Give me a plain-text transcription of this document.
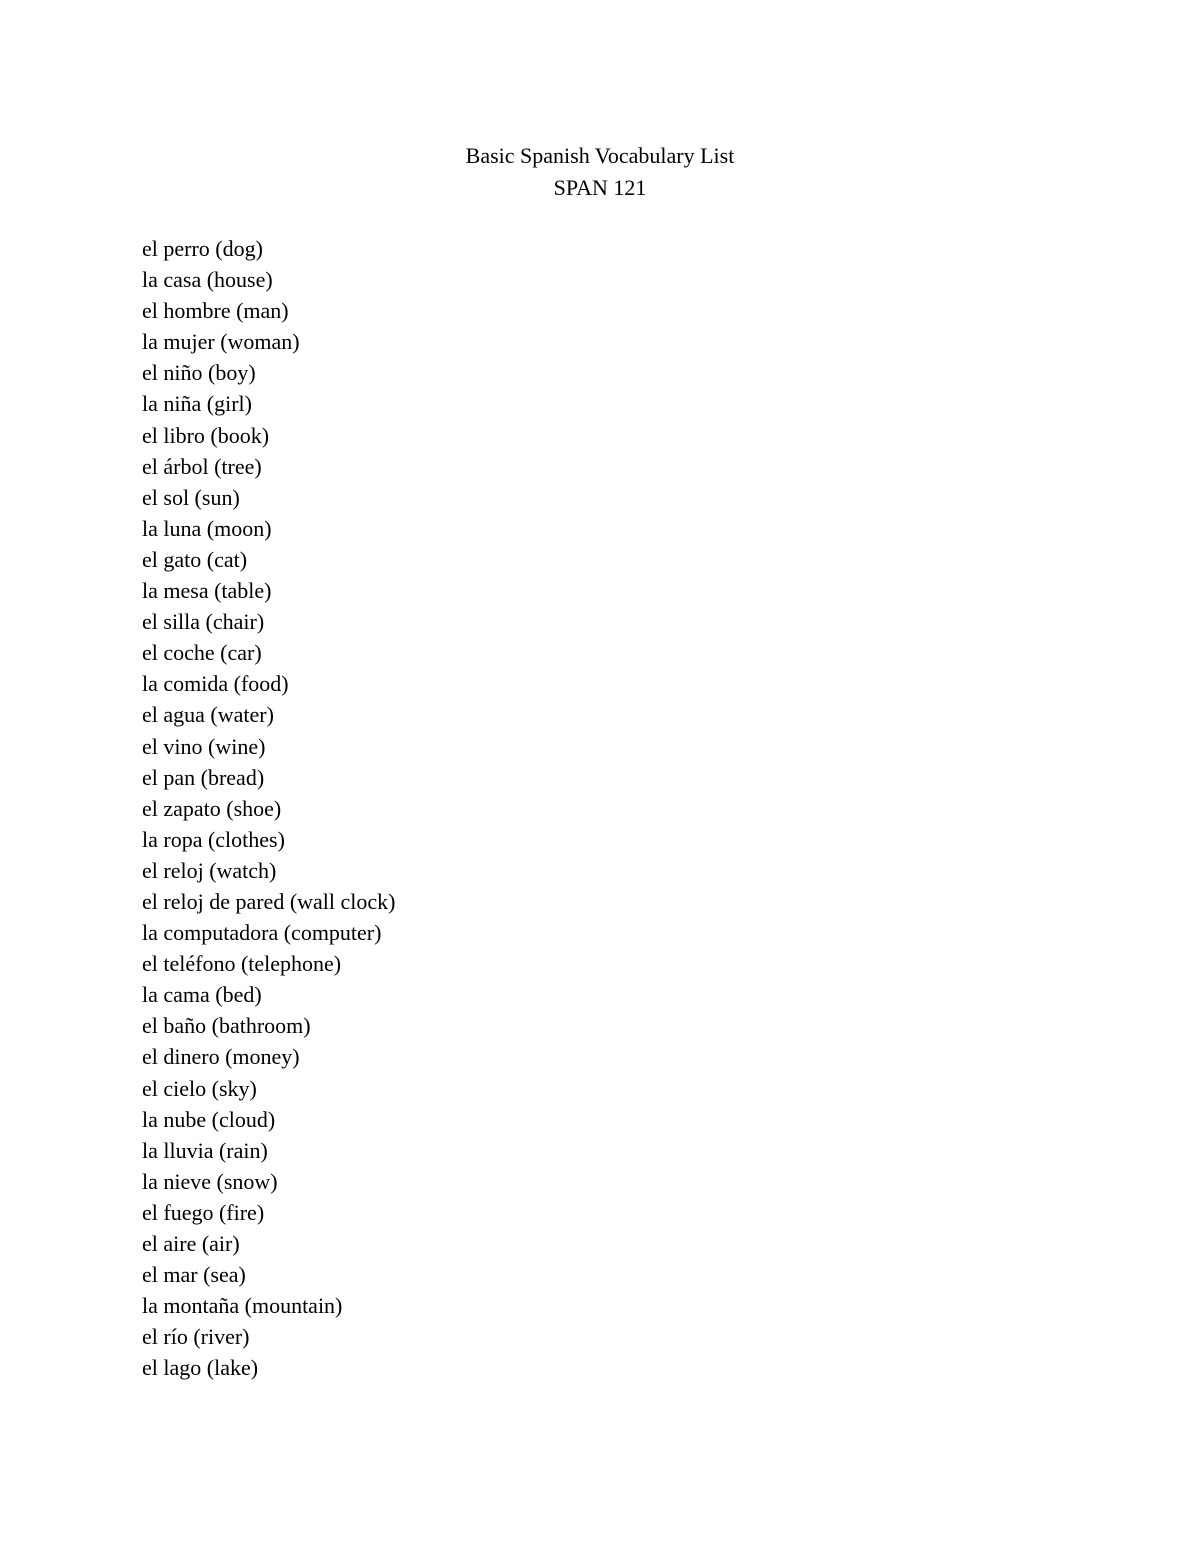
Basic Spanish Vocabulary List
SPAN 121
el perro (dog)
la casa (house)
el hombre (man)
la mujer (woman)
el niño (boy)
la niña (girl)
el libro (book)
el árbol (tree)
el sol (sun)
la luna (moon)
el gato (cat)
la mesa (table)
el silla (chair)
el coche (car)
la comida (food)
el agua (water)
el vino (wine)
el pan (bread)
el zapato (shoe)
la ropa (clothes)
el reloj (watch)
el reloj de pared (wall clock)
la computadora (computer)
el teléfono (telephone)
la cama (bed)
el baño (bathroom)
el dinero (money)
el cielo (sky)
la nube (cloud)
la lluvia (rain)
la nieve (snow)
el fuego (fire)
el aire (air)
el mar (sea)
la montaña (mountain)
el río (river)
el lago (lake)
